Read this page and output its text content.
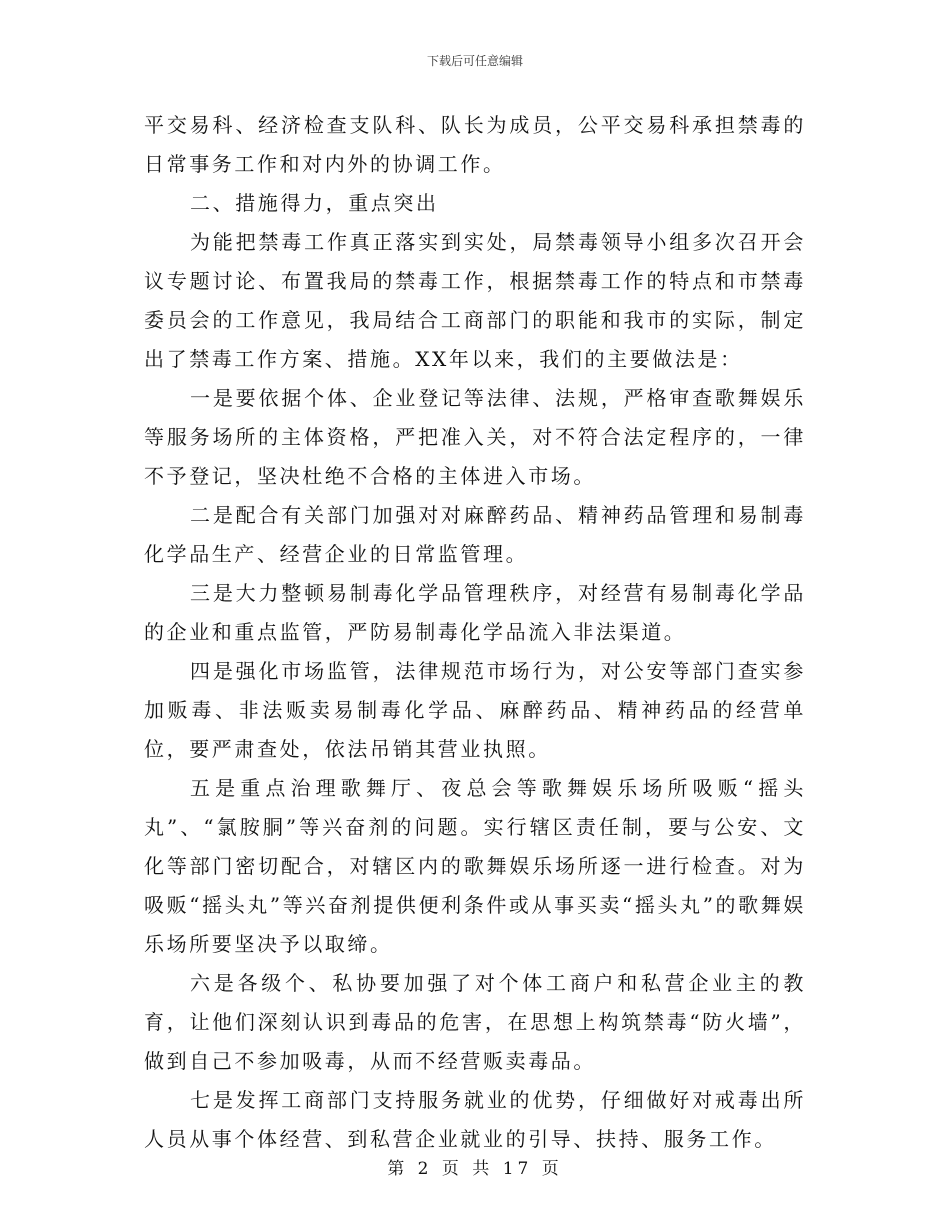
下载后可任意编辑

平交易科、经济检查支队科、队长为成员，公平交易科承担禁毒的日常事务工作和对内外的协调工作。

二、措施得力，重点突出

为能把禁毒工作真正落实到实处，局禁毒领导小组多次召开会议专题讨论、布置我局的禁毒工作，根据禁毒工作的特点和市禁毒委员会的工作意见，我局结合工商部门的职能和我市的实际，制定出了禁毒工作方案、措施。XX年以来，我们的主要做法是：

一是要依据个体、企业登记等法律、法规，严格审查歌舞娱乐等服务场所的主体资格，严把准入关，对不符合法定程序的，一律不予登记，坚决杜绝不合格的主体进入市场。

二是配合有关部门加强对对麻醉药品、精神药品管理和易制毒化学品生产、经营企业的日常监管理。

三是大力整顿易制毒化学品管理秩序，对经营有易制毒化学品的企业和重点监管，严防易制毒化学品流入非法渠道。

四是强化市场监管，法律规范市场行为，对公安等部门查实参加贩毒、非法贩卖易制毒化学品、麻醉药品、精神药品的经营单位，要严肃查处，依法吊销其营业执照。

五是重点治理歌舞厅、夜总会等歌舞娱乐场所吸贩“摇头丸”、“氯胺胴”等兴奋剂的问题。实行辖区责任制，要与公安、文化等部门密切配合，对辖区内的歌舞娱乐场所逐一进行检查。对为吸贩“摇头丸”等兴奋剂提供便利条件或从事买卖“摇头丸”的歌舞娱乐场所要坚决予以取缔。

六是各级个、私协要加强了对个体工商户和私营企业主的教育，让他们深刻认识到毒品的危害，在思想上构筑禁毒“防火墙”，做到自己不参加吸毒，从而不经营贩卖毒品。

七是发挥工商部门支持服务就业的优势，仔细做好对戒毒出所人员从事个体经营、到私营企业就业的引导、扶持、服务工作。

第 2 页 共 17 页
